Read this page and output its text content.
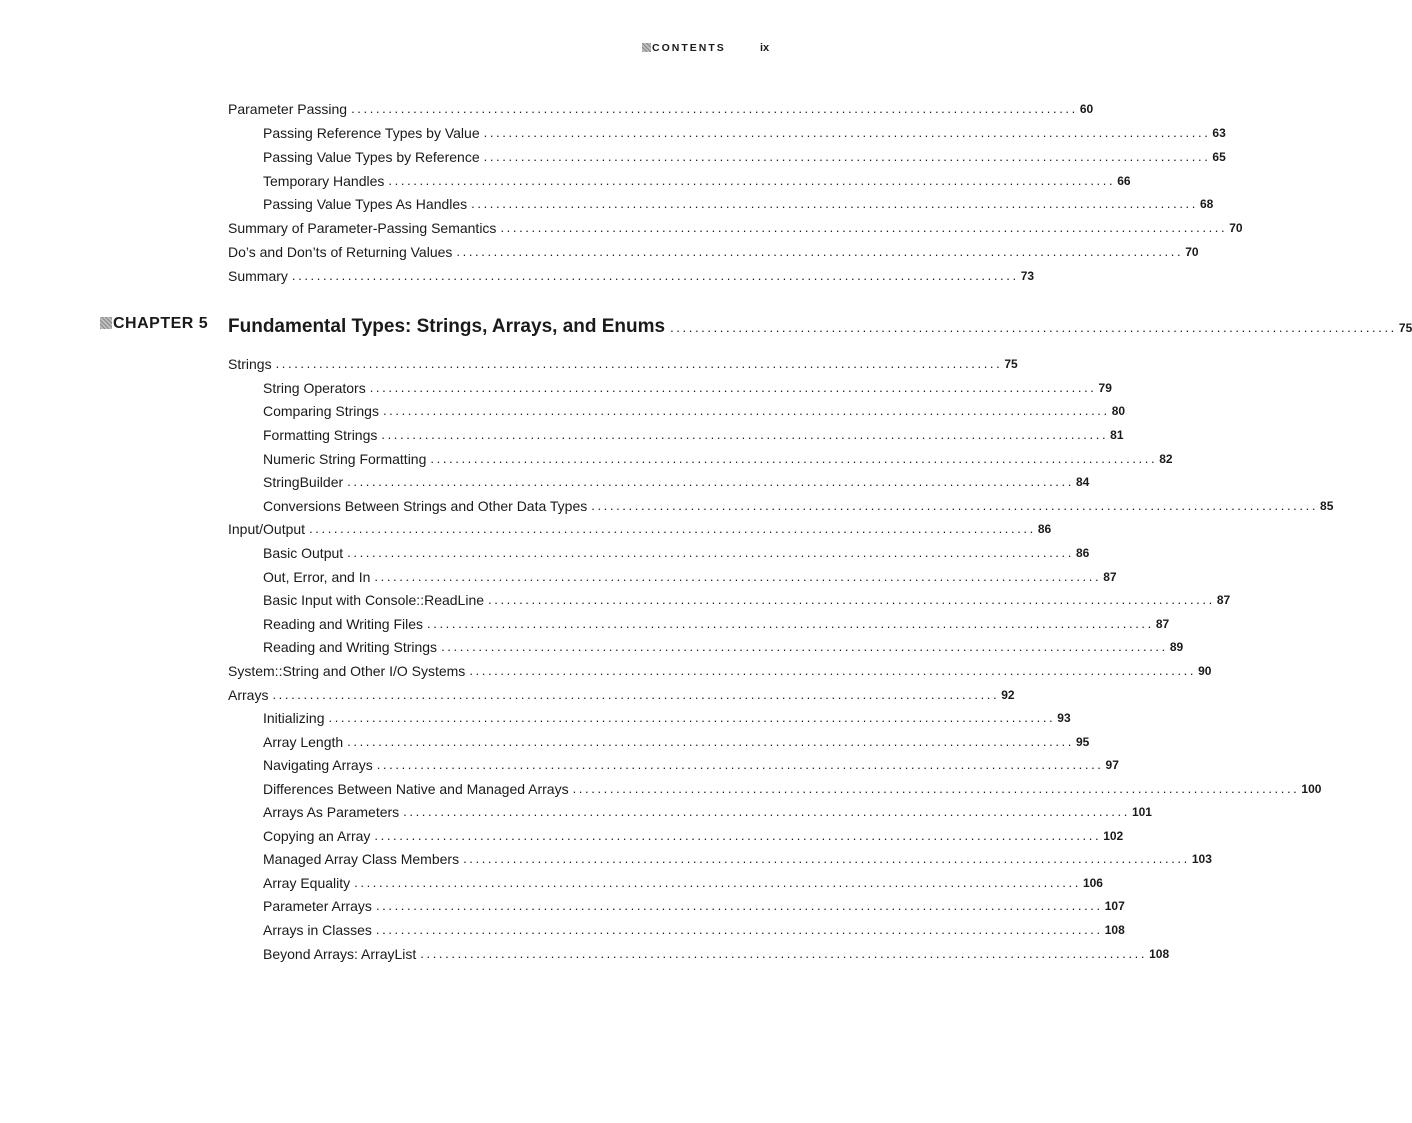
CONTENTS	ix
Parameter Passing ..................................................................................................................... 60
Passing Reference Types by Value ..................................................................................................................... 63
Passing Value Types by Reference ..................................................................................................................... 65
Temporary Handles ..................................................................................................................... 66
Passing Value Types As Handles ..................................................................................................................... 68
Summary of Parameter-Passing Semantics ..................................................................................................................... 70
Do’s and Don’ts of Returning Values ..................................................................................................................... 70
Summary ..................................................................................................................... 73
CHAPTER 5 Fundamental Types: Strings, Arrays, and Enums ..................................................................................................................... 75
Strings ..................................................................................................................... 75
String Operators ..................................................................................................................... 79
Comparing Strings ..................................................................................................................... 80
Formatting Strings ..................................................................................................................... 81
Numeric String Formatting ..................................................................................................................... 82
StringBuilder ..................................................................................................................... 84
Conversions Between Strings and Other Data Types ..................................................................................................................... 85
Input/Output ..................................................................................................................... 86
Basic Output ..................................................................................................................... 86
Out, Error, and In ..................................................................................................................... 87
Basic Input with Console::ReadLine ..................................................................................................................... 87
Reading and Writing Files ..................................................................................................................... 87
Reading and Writing Strings ..................................................................................................................... 89
System::String and Other I/O Systems ..................................................................................................................... 90
Arrays ..................................................................................................................... 92
Initializing ..................................................................................................................... 93
Array Length ..................................................................................................................... 95
Navigating Arrays ..................................................................................................................... 97
Differences Between Native and Managed Arrays ..................................................................................................................... 100
Arrays As Parameters ..................................................................................................................... 101
Copying an Array ..................................................................................................................... 102
Managed Array Class Members ..................................................................................................................... 103
Array Equality ..................................................................................................................... 106
Parameter Arrays ..................................................................................................................... 107
Arrays in Classes ..................................................................................................................... 108
Beyond Arrays: ArrayList ..................................................................................................................... 108
